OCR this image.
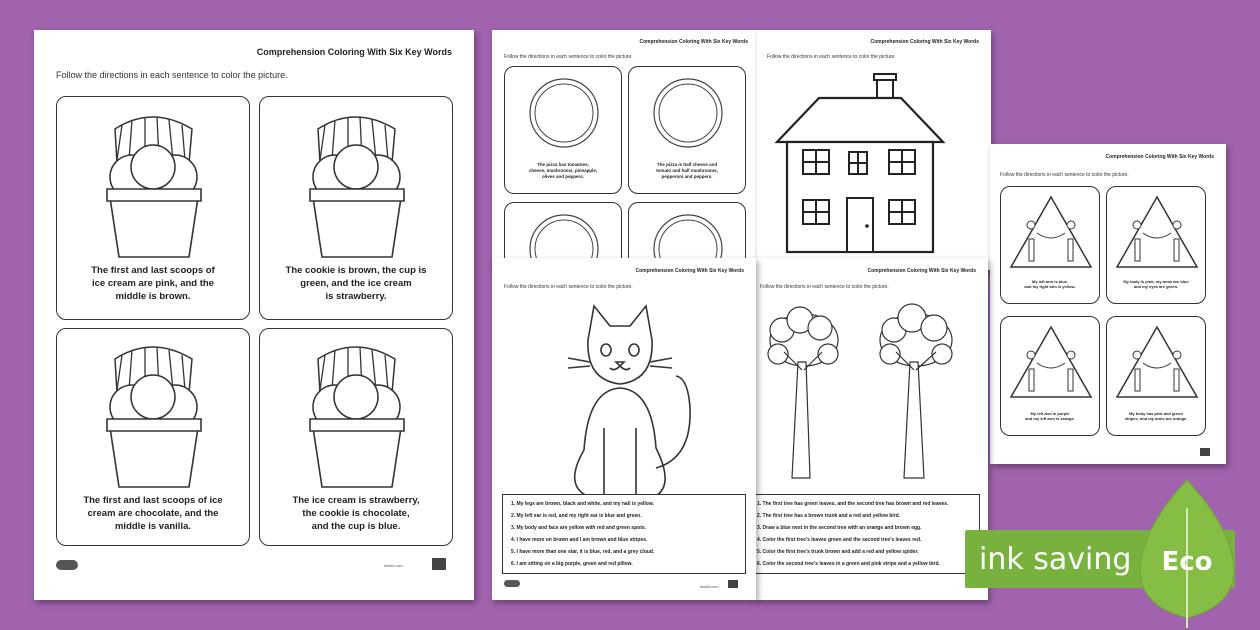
Comprehension Coloring With Six Key Words
Follow the directions in each sentence to color the picture.
The first and last scoops of
ice cream are pink, and the
middle is brown.
The cookie is brown, the cup is
green, and the ice cream
is strawberry.
The first and last scoops of ice
cream are chocolate, and the
middle is vanilla.
The ice cream is strawberry,
the cookie is chocolate,
and the cup is blue.
twinkl.com
Comprehension Coloring With Six Key Words
Follow the directions in each sentence to color the picture.
The pizza has tomatoes,
cheese, mushrooms, pineapple,
olives and peppers.
The pizza is half cheese and
tomato and half mushrooms,
pepperoni and peppers.
Comprehension Coloring With Six Key Words
Follow the directions in each sentence to color the picture.
Comprehension Coloring With Six Key Words
Follow the directions in each sentence to color the picture.
My left arm is blue,
and my right arm is yellow.
My body is pink, my arms are blue
and my eyes are green.
My left arm is purple
and my left arm is orange.
My body has pink and green
stripes, and my arms are orange.
Comprehension Coloring With Six Key Words
Follow the directions in each sentence to color the picture.
1. The first tree has green leaves, and the second tree has brown and red leaves.
2. The first tree has a brown trunk and a red and yellow bird.
3. Draw a blue nest in the second tree with an orange and brown egg.
4. Color the first tree's leaves green and the second tree's leaves red.
5. Color the first tree's trunk brown and add a red and yellow spider.
6. Color the second tree's leaves in a green and pink stripe and a yellow bird.
Comprehension Coloring With Six Key Words
Follow the directions in each sentence to color the picture.
1. My legs are brown, black and white, and my nail is yellow.
2. My left ear is red, and my right ear is blue and green.
3. My body and face are yellow with red and green spots.
4. I have more on brown and I am brown and blue stripes.
5. I have more than one star, it is blue, red, and a grey cloud.
6. I am sitting on a big purple, green and red pillow.
twinkl.com
ink saving Eco
